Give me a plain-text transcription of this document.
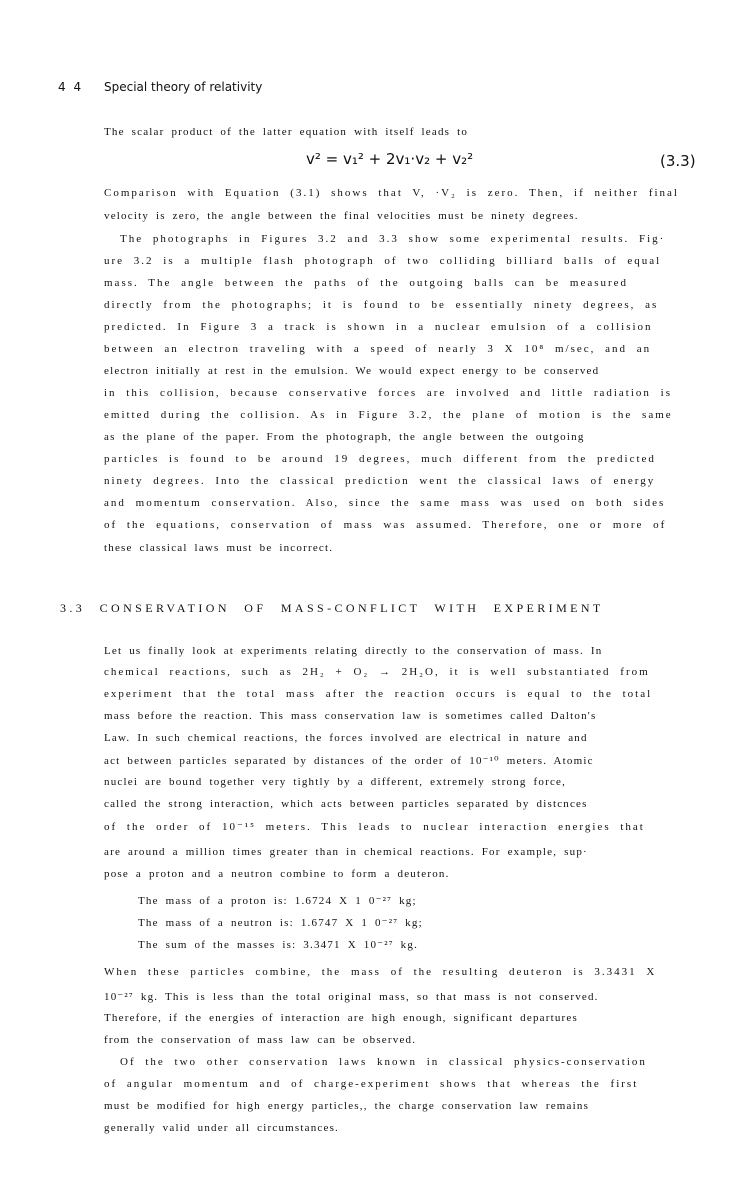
4 4 Special theory of relativity
The scalar product of the latter equation with itself leads to
v² = v₁² + 2v₁·v₂ + v₂²	(3.3)
Comparison with Equation (3.1) shows that V, ·V₂ is zero. Then, if neither final
velocity is zero, the angle between the final velocities must be ninety degrees.
The photographs in Figures 3.2 and 3.3 show some experimental results. Fig·
ure 3.2 is a multiple flash photograph of two colliding billiard balls of equal
mass. The angle between the paths of the outgoing balls can be measured
directly from the photographs; it is found to be essentially ninety degrees, as
predicted. In Figure 3 a track is shown in a nuclear emulsion of a collision
between an electron traveling with a speed of nearly 3 X 10⁸ m/sec, and an
electron initially at rest in the emulsion. We would expect energy to be conserved
in this collision, because conservative forces are involved and little radiation is
emitted during the collision. As in Figure 3.2, the plane of motion is the same
as the plane of the paper. From the photograph, the angle between the outgoing
particles is found to be around 19 degrees, much different from the predicted
ninety degrees. Into the classical prediction went the classical laws of energy
and momentum conservation. Also, since the same mass was used on both sides
of the equations, conservation of mass was assumed. Therefore, one or more of
these classical laws must be incorrect.
3.3 CONSERVATION OF MASS-CONFLICT WITH EXPERIMENT
Let us finally look at experiments relating directly to the conservation of mass. In
chemical reactions, such as 2H₂ + O₂ → 2H₂O, it is well substantiated from
experiment that the total mass after the reaction occurs is equal to the total
mass before the reaction. This mass conservation law is sometimes called Dalton's
Law. In such chemical reactions, the forces involved are electrical in nature and
act between particles separated by distances of the order of 10⁻¹⁰ meters. Atomic
nuclei are bound together very tightly by a different, extremely strong force,
called the strong interaction, which acts between particles separated by distcnces
of the order of 10⁻¹⁵ meters. This leads to nuclear interaction energies that
are around a million times greater than in chemical reactions. For example, sup·
pose a proton and a neutron combine to form a deuteron.
The mass of a proton is: 1.6724 X 1 0⁻²⁷ kg;
The mass of a neutron is: 1.6747 X 1 0⁻²⁷ kg;
The sum of the masses is: 3.3471 X 10⁻²⁷ kg.
When these particles combine, the mass of the resulting deuteron is 3.3431 X
10⁻²⁷ kg. This is less than the total original mass, so that mass is not conserved.
Therefore, if the energies of interaction are high enough, significant departures
from the conservation of mass law can be observed.
Of the two other conservation laws known in classical physics-conservation
of angular momentum and of charge-experiment shows that whereas the first
must be modified for high energy particles,, the charge conservation law remains
generally valid under all circumstances.
